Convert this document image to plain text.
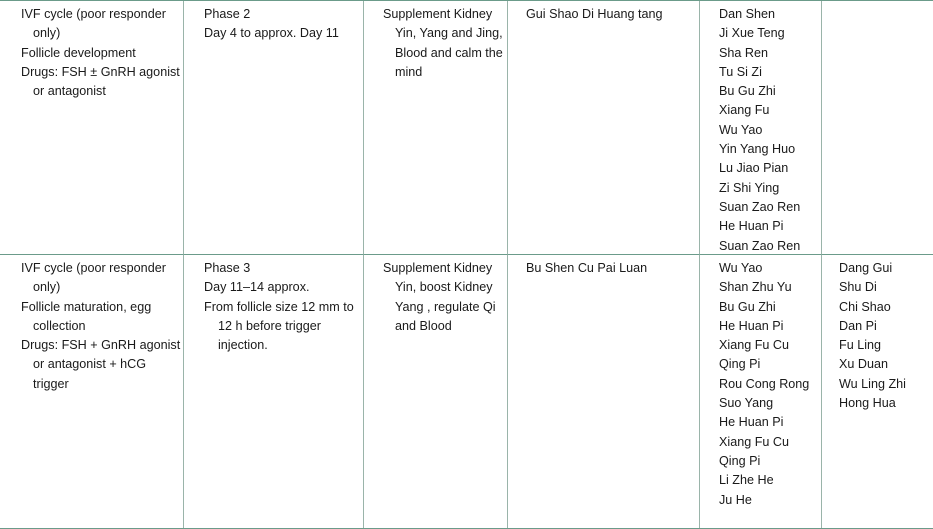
IVF cycle (poor responder only)

Follicle development

Drugs: FSH ± GnRH agonist or antagonist

Phase 2

Day 4 to approx. Day 11

Supplement Kidney Yin, Yang and Jing, Blood and calm the mind

Gui Shao Di Huang tang	Dan Shen

Ji Xue Teng

Sha Ren

Tu Si Zi

Bu Gu Zhi

Xiang Fu

Wu Yao

Yin Yang Huo

Lu Jiao Pian

Zi Shi Ying

Suan Zao Ren

He Huan Pi

Suan Zao Ren

IVF cycle (poor responder only)

Follicle maturation, egg collection

Drugs: FSH + GnRH agonist or antagonist + hCG trigger

Phase 3

Day 11–14 approx.

From follicle size 12 mm to 12 h before trigger injection.

Supplement Kidney Yin, boost Kidney Yang , regulate Qi and Blood

Bu Shen Cu Pai Luan	Wu Yao

Shan Zhu Yu

Bu Gu Zhi

He Huan Pi

Xiang Fu Cu

Qing Pi

Rou Cong Rong

Suo Yang

He Huan Pi

Xiang Fu Cu

Qing Pi

Li Zhe He

Ju He

Dang Gui

Shu Di

Chi Shao

Dan Pi

Fu Ling

Xu Duan

Wu Ling Zhi

Hong Hua
